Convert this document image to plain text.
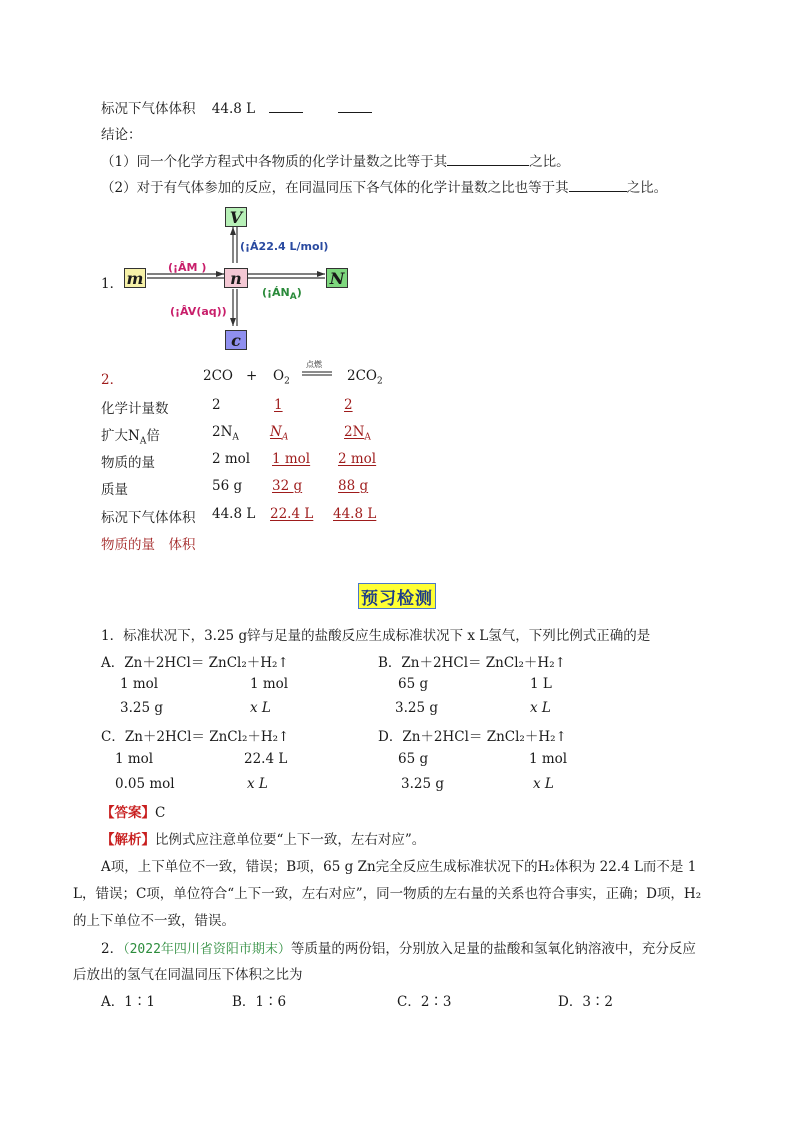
标况下气体体积 44.8 L
结论：
（1）同一个化学方程式中各物质的化学计量数之比等于其	之比。
（2）对于有气体参加的反应，在同温同压下各气体的化学计量数之比也等于其	之比。
1．
V
m	n	N
c
(¡Á22.4 L/mol)
(¡ÂM )
$(¡ÁN_A)$
(¡ÂV(aq))
2．	$2CO + O_2$
点燃
$2CO_2$
化学计量数	2	1	2
扩大$N_A$倍	$2N_A$ $N_A$	$2N_A$
物质的量	2 mol 1 mol 2 mol
质量	56 g 32 g	88 g
标况下气体体积 44.8 L 22.4 L 44.8 L
物质的量　体积
预习检测
1．标准状况下，3.25 g锌与足量的盐酸反应生成标准状况下 x L氢气，下列比例式正确的是
A．Zn＋2HCl＝ ZnCl₂＋H₂↑	B．Zn＋2HCl＝ ZnCl₂＋H₂↑
1 mol	1 mol	65 g	1 L
3.25 g	x L	3.25 g	x L
C．Zn＋2HCl＝ ZnCl₂＋H₂↑	D．Zn＋2HCl＝ ZnCl₂＋H₂↑
1 mol	22.4 L	65 g	1 mol
0.05 mol	x L	3.25 g	x L
【答案】C
【解析】比例式应注意单位要“上下一致，左右对应”。
A项，上下单位不一致，错误；B项，65 g Zn完全反应生成标准状况下的H₂体积为 22.4 L而不是 1
L，错误；C项，单位符合“上下一致，左右对应”，同一物质的左右量的关系也符合事实，正确；D项，H₂
的上下单位不一致，错误。
2．（2022年四川省资阳市期末）等质量的两份铝，分别放入足量的盐酸和氢氧化钠溶液中，充分反应
后放出的氢气在同温同压下体积之比为
A．1∶1	B．1∶6	C．2∶3	D．3∶2
